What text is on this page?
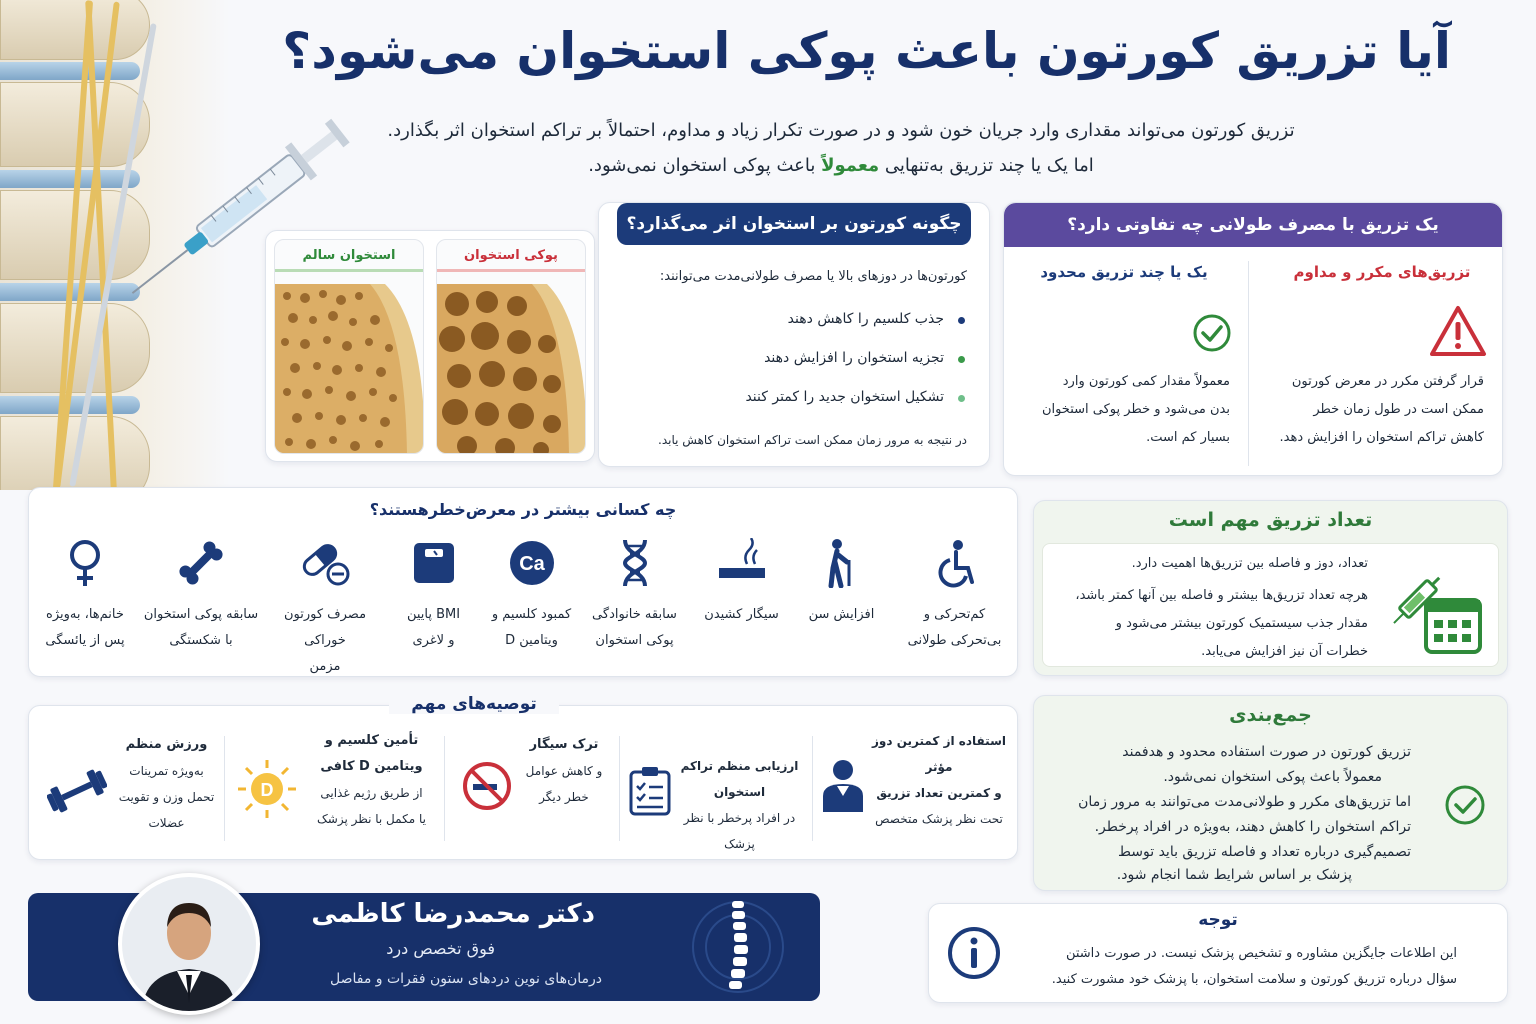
آیا تزریق کورتون باعث پوکی استخوان می‌شود؟
تزریق کورتون می‌تواند مقداری وارد جریان خون شود و در صورت تکرار زیاد و مداوم، احتمالاً بر تراکم استخوان اثر بگذارد.
اما یک یا چند تزریق به‌تنهایی معمولاً باعث پوکی استخوان نمی‌شود.
پوکی استخوان
استخوان سالم
چگونه کورتون بر استخوان اثر می‌گذارد؟
کورتون‌ها در دوزهای بالا یا مصرف طولانی‌مدت می‌توانند:
جذب کلسیم را کاهش دهند
تجزیه استخوان را افزایش دهند
تشکیل استخوان جدید را کمتر کنند
در نتیجه به مرور زمان ممکن است تراکم استخوان کاهش یابد.
یک تزریق با مصرف طولانی چه تفاوتی دارد؟
تزریق‌های مکرر و مداوم
قرار گرفتن مکرر در معرض کورتون
ممکن است در طول زمان خطر
کاهش تراکم استخوان را افزایش دهد.
یک یا چند تزریق محدود
معمولاً مقدار کمی کورتون وارد
بدن می‌شود و خطر پوکی استخوان
بسیار کم است.
چه کسانی بیشتر در معرض‌خطرهستند؟
کم‌تحرکی و
بی‌تحرکی طولانی
افزایش سن

سیگار کشیدن

سابقه خانوادگی
پوکی استخوان
Ca
کمبود کلسیم و
ویتامین D
BMI پایین
و لاغری
مصرف کورتون خوراکی
مزمن
سابقه پوکی استخوان
با شکستگی
خانم‌ها، به‌ویژه
پس از یائسگی
توصیه‌های مهم
استفاده از کمترین دوز مؤثر
و کمترین تعداد تزریق
تحت نظر پزشک متخصص
ارزیابی منظم تراکم استخوان
در افراد پرخطر با نظر پزشک
ترک سیگار
و کاهش عوامل
خطر دیگر
D
تأمین کلسیم و
ویتامین D کافی
از طریق رژیم غذایی
یا مکمل با نظر پزشک
ورزش منظم
به‌ویژه تمرینات
تحمل وزن و تقویت
عضلات
تعداد تزریق مهم است
تعداد، دوز و فاصله بین تزریق‌ها اهمیت دارد.
هرچه تعداد تزریق‌ها بیشتر و فاصله بین آنها کمتر باشد،
مقدار جذب سیستمیک کورتون بیشتر می‌شود و
خطرات آن نیز افزایش می‌یابد.
جمع‌بندی
تزریق کورتون در صورت استفاده محدود و هدفمند
معمولاً باعث پوکی استخوان نمی‌شود.
اما تزریق‌های مکرر و طولانی‌مدت می‌توانند به مرور زمان
تراکم استخوان را کاهش دهند، به‌ویژه در افراد پرخطر.
تصمیم‌گیری درباره تعداد و فاصله تزریق باید توسط
پزشک بر اساس شرایط شما انجام شود.
توجه
این اطلاعات جایگزین مشاوره و تشخیص پزشک نیست. در صورت داشتن
سؤال درباره تزریق کورتون و سلامت استخوان، با پزشک خود مشورت کنید.
دکتر محمدرضا کاظمی
فوق تخصص درد
درمان‌های نوین دردهای ستون فقرات و مفاصل
